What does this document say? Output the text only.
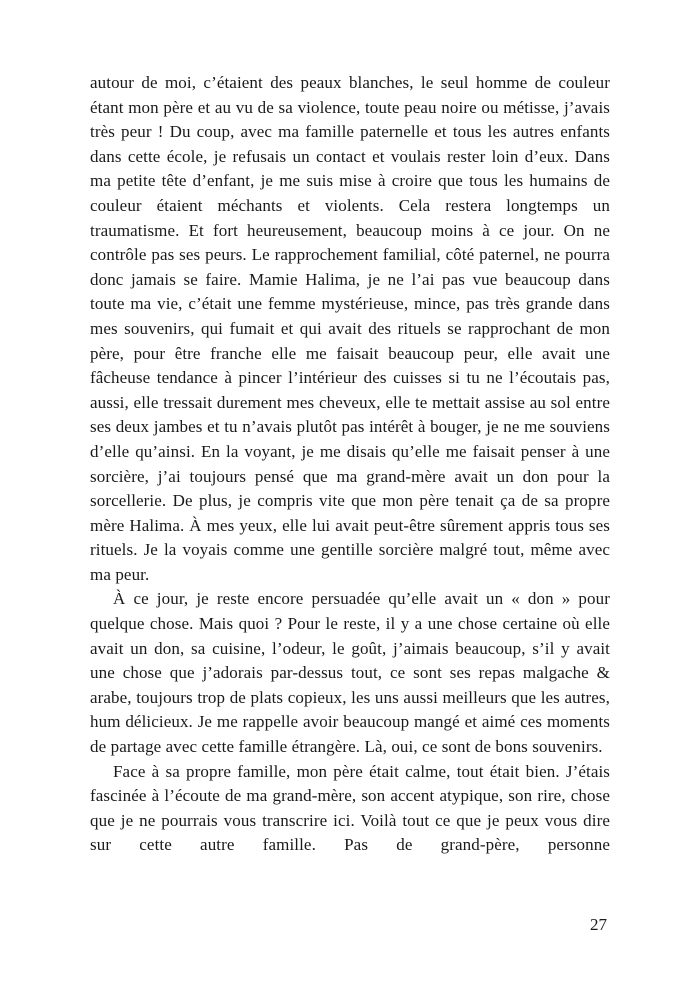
autour de moi, c’étaient des peaux blanches, le seul homme de couleur étant mon père et au vu de sa violence, toute peau noire ou métisse, j’avais très peur ! Du coup, avec ma famille paternelle et tous les autres enfants dans cette école, je refusais un contact et voulais rester loin d’eux. Dans ma petite tête d’enfant, je me suis mise à croire que tous les humains de couleur étaient méchants et violents. Cela restera longtemps un traumatisme. Et fort heureusement, beaucoup moins à ce jour. On ne contrôle pas ses peurs. Le rapprochement familial, côté paternel, ne pourra donc jamais se faire. Mamie Halima, je ne l’ai pas vue beaucoup dans toute ma vie, c’était une femme mystérieuse, mince, pas très grande dans mes souvenirs, qui fumait et qui avait des rituels se rapprochant de mon père, pour être franche elle me faisait beaucoup peur, elle avait une fâcheuse tendance à pincer l’intérieur des cuisses si tu ne l’écoutais pas, aussi, elle tressait durement mes cheveux, elle te mettait assise au sol entre ses deux jambes et tu n’avais plutôt pas intérêt à bouger, je ne me souviens d’elle qu’ainsi. En la voyant, je me disais qu’elle me faisait penser à une sorcière, j’ai toujours pensé que ma grand-mère avait un don pour la sorcellerie. De plus, je compris vite que mon père tenait ça de sa propre mère Halima. À mes yeux, elle lui avait peut-être sûrement appris tous ses rituels. Je la voyais comme une gentille sorcière malgré tout, même avec ma peur.

À ce jour, je reste encore persuadée qu’elle avait un « don » pour quelque chose. Mais quoi ? Pour le reste, il y a une chose certaine où elle avait un don, sa cuisine, l’odeur, le goût, j’aimais beaucoup, s’il y avait une chose que j’adorais par-dessus tout, ce sont ses repas malgache & arabe, toujours trop de plats copieux, les uns aussi meilleurs que les autres, hum délicieux. Je me rappelle avoir beaucoup mangé et aimé ces moments de partage avec cette famille étrangère. Là, oui, ce sont de bons souvenirs.

Face à sa propre famille, mon père était calme, tout était bien. J’étais fascinée à l’écoute de ma grand-mère, son accent atypique, son rire, chose que je ne pourrais vous transcrire ici. Voilà tout ce que je peux vous dire sur cette autre famille. Pas de grand-père, personne

27
